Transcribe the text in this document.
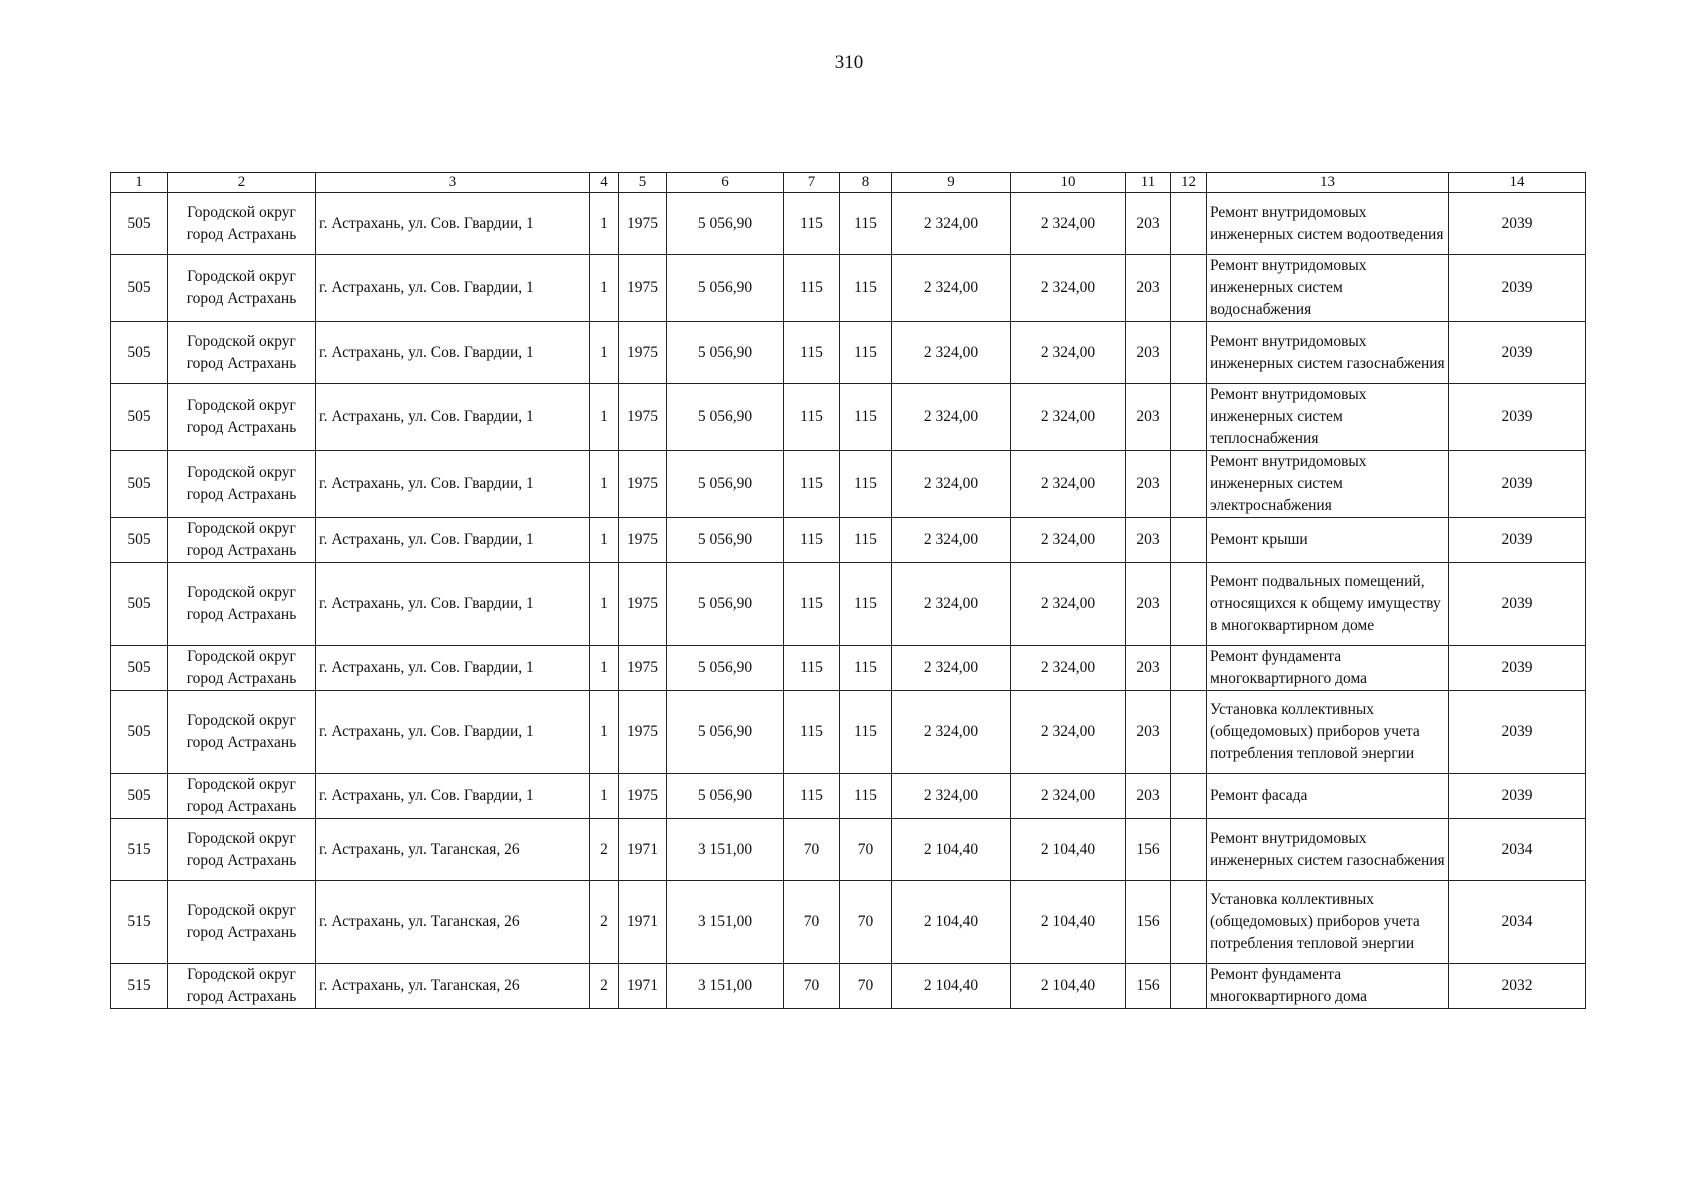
310
1	2	3	4	5	6	7	8	9	10	11	12	13	14
505	Городской округ город Астрахань	г. Астрахань, ул. Сов. Гвардии, 1	1	1975	5 056,90	115	115	2 324,00	2 324,00	203		Ремонт внутридомовых инженерных систем водоотведения	2039
505	Городской округ город Астрахань	г. Астрахань, ул. Сов. Гвардии, 1	1	1975	5 056,90	115	115	2 324,00	2 324,00	203		Ремонт внутридомовых инженерных систем водоснабжения	2039
505	Городской округ город Астрахань	г. Астрахань, ул. Сов. Гвардии, 1	1	1975	5 056,90	115	115	2 324,00	2 324,00	203		Ремонт внутридомовых инженерных систем газоснабжения	2039
505	Городской округ город Астрахань	г. Астрахань, ул. Сов. Гвардии, 1	1	1975	5 056,90	115	115	2 324,00	2 324,00	203		Ремонт внутридомовых инженерных систем теплоснабжения	2039
505	Городской округ город Астрахань	г. Астрахань, ул. Сов. Гвардии, 1	1	1975	5 056,90	115	115	2 324,00	2 324,00	203		Ремонт внутридомовых инженерных систем электроснабжения	2039
505	Городской округ город Астрахань	г. Астрахань, ул. Сов. Гвардии, 1	1	1975	5 056,90	115	115	2 324,00	2 324,00	203		Ремонт крыши	2039
505	Городской округ город Астрахань	г. Астрахань, ул. Сов. Гвардии, 1	1	1975	5 056,90	115	115	2 324,00	2 324,00	203		Ремонт подвальных помещений, относящихся к общему имуществу в многоквартирном доме	2039
505	Городской округ город Астрахань	г. Астрахань, ул. Сов. Гвардии, 1	1	1975	5 056,90	115	115	2 324,00	2 324,00	203		Ремонт фундамента многоквартирного дома	2039
505	Городской округ город Астрахань	г. Астрахань, ул. Сов. Гвардии, 1	1	1975	5 056,90	115	115	2 324,00	2 324,00	203		Установка коллективных (общедомовых) приборов учета потребления тепловой энергии	2039
505	Городской округ город Астрахань	г. Астрахань, ул. Сов. Гвардии, 1	1	1975	5 056,90	115	115	2 324,00	2 324,00	203		Ремонт фасада	2039
515	Городской округ город Астрахань	г. Астрахань, ул. Таганская, 26	2	1971	3 151,00	70	70	2 104,40	2 104,40	156		Ремонт внутридомовых инженерных систем газоснабжения	2034
515	Городской округ город Астрахань	г. Астрахань, ул. Таганская, 26	2	1971	3 151,00	70	70	2 104,40	2 104,40	156		Установка коллективных (общедомовых) приборов учета потребления тепловой энергии	2034
515	Городской округ город Астрахань	г. Астрахань, ул. Таганская, 26	2	1971	3 151,00	70	70	2 104,40	2 104,40	156		Ремонт фундамента многоквартирного дома	2032
